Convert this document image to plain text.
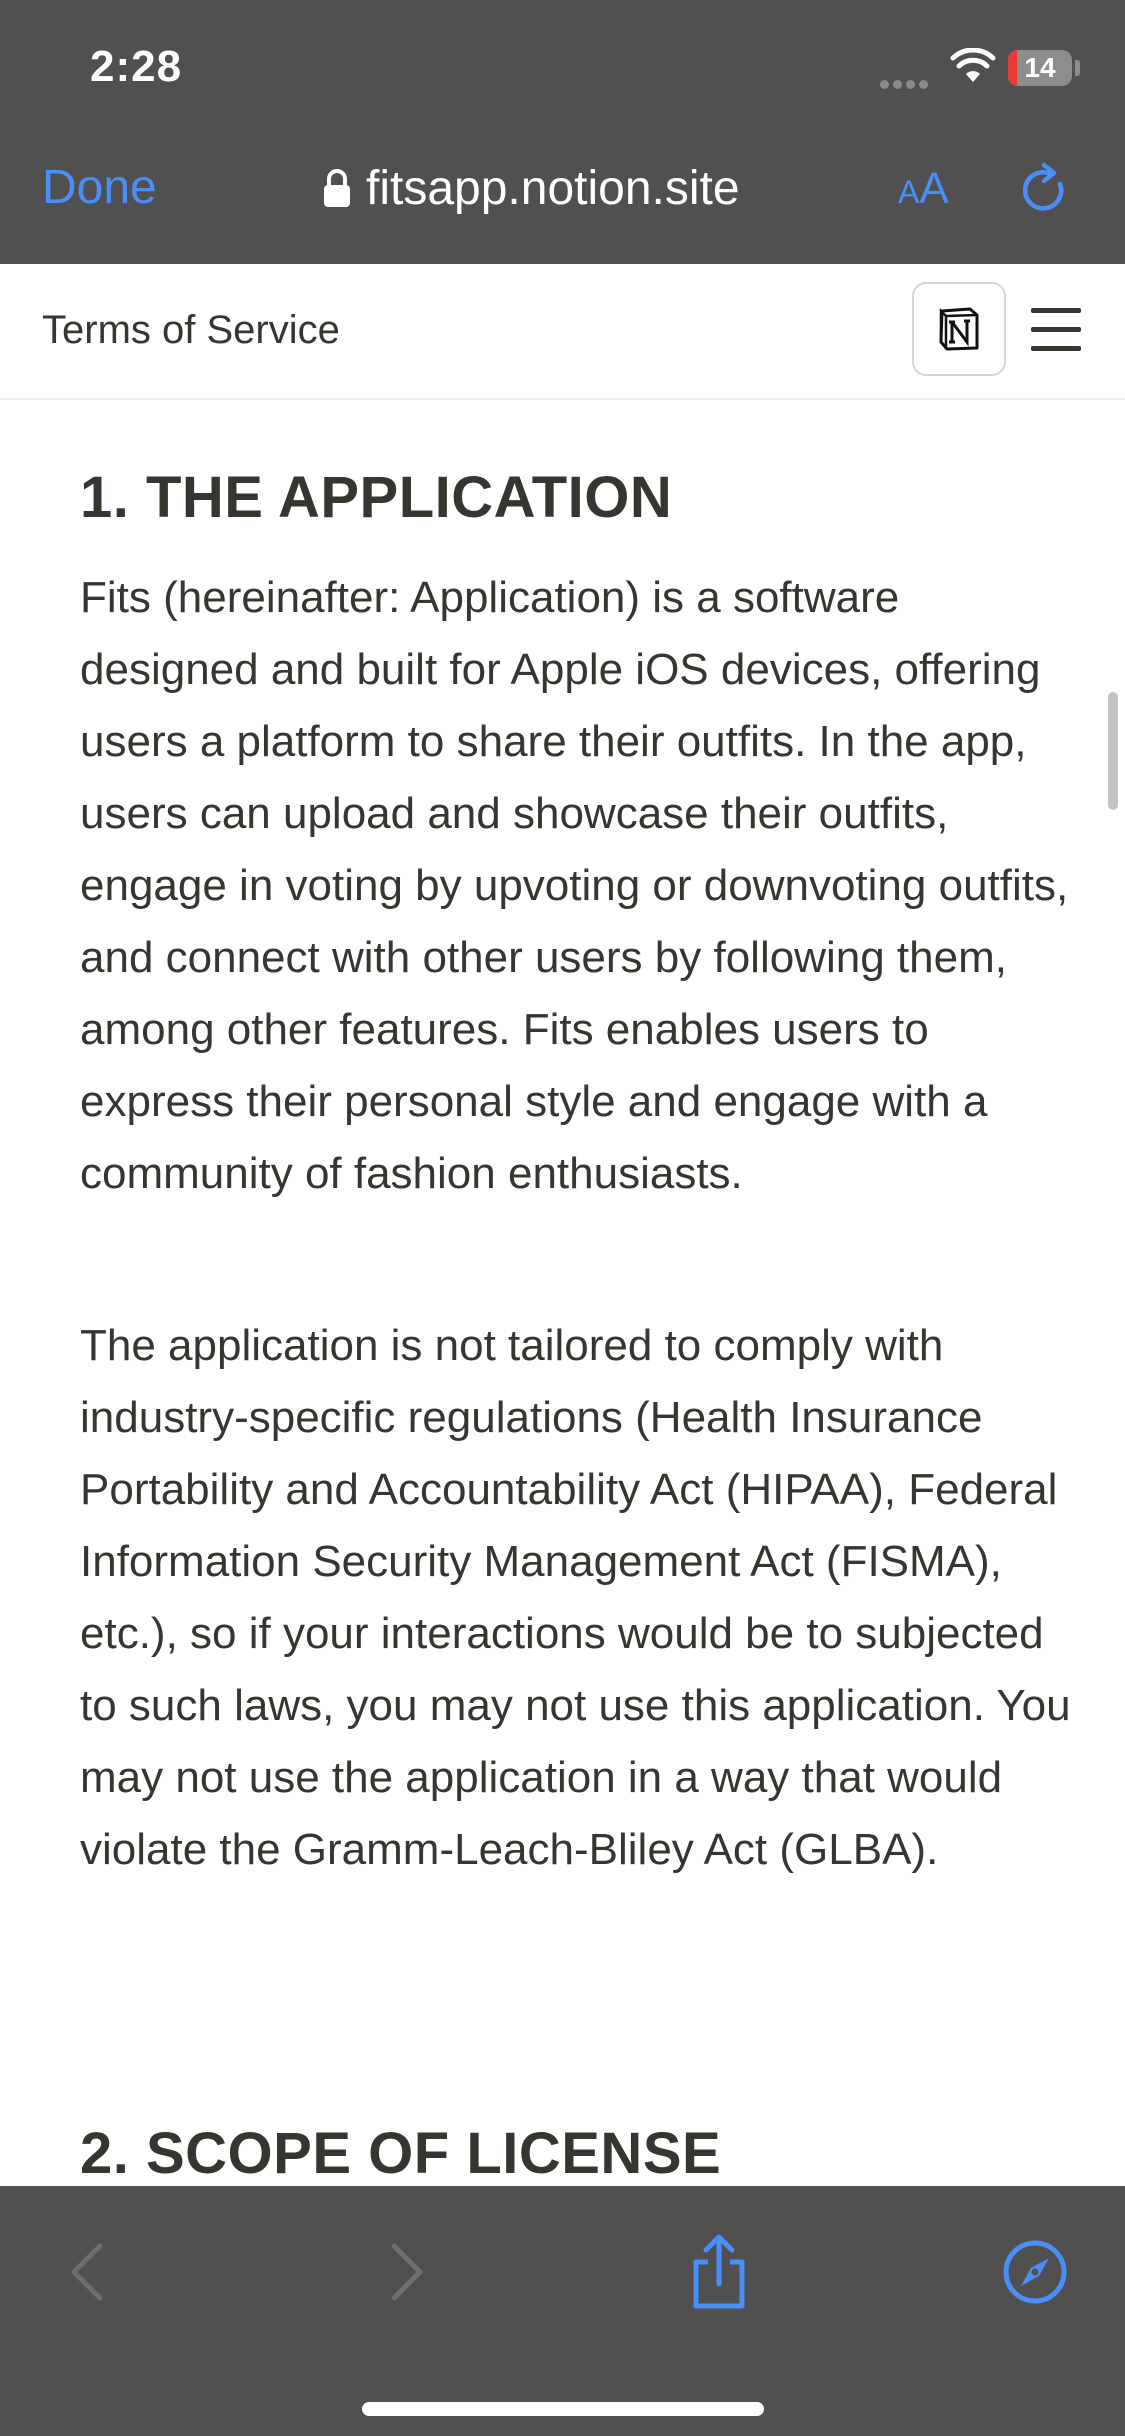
2:28	14
Done	fitsapp.notion.site	AA
Terms of Service
1. THE APPLICATION

Fits (hereinafter: Application) is a software designed and built for Apple iOS devices, offering users a platform to share their outfits. In the app, users can upload and showcase their outfits, engage in voting by upvoting or downvoting outfits, and connect with other users by following them, among other features. Fits enables users to express their personal style and engage with a community of fashion enthusiasts.

The application is not tailored to comply with industry-specific regulations (Health Insurance Portability and Accountability Act (HIPAA), Federal Information Security Management Act (FISMA), etc.), so if your interactions would be to subjected to such laws, you may not use this application. You may not use the application in a way that would violate the Gramm-Leach-Bliley Act (GLBA).

2. SCOPE OF LICENSE
